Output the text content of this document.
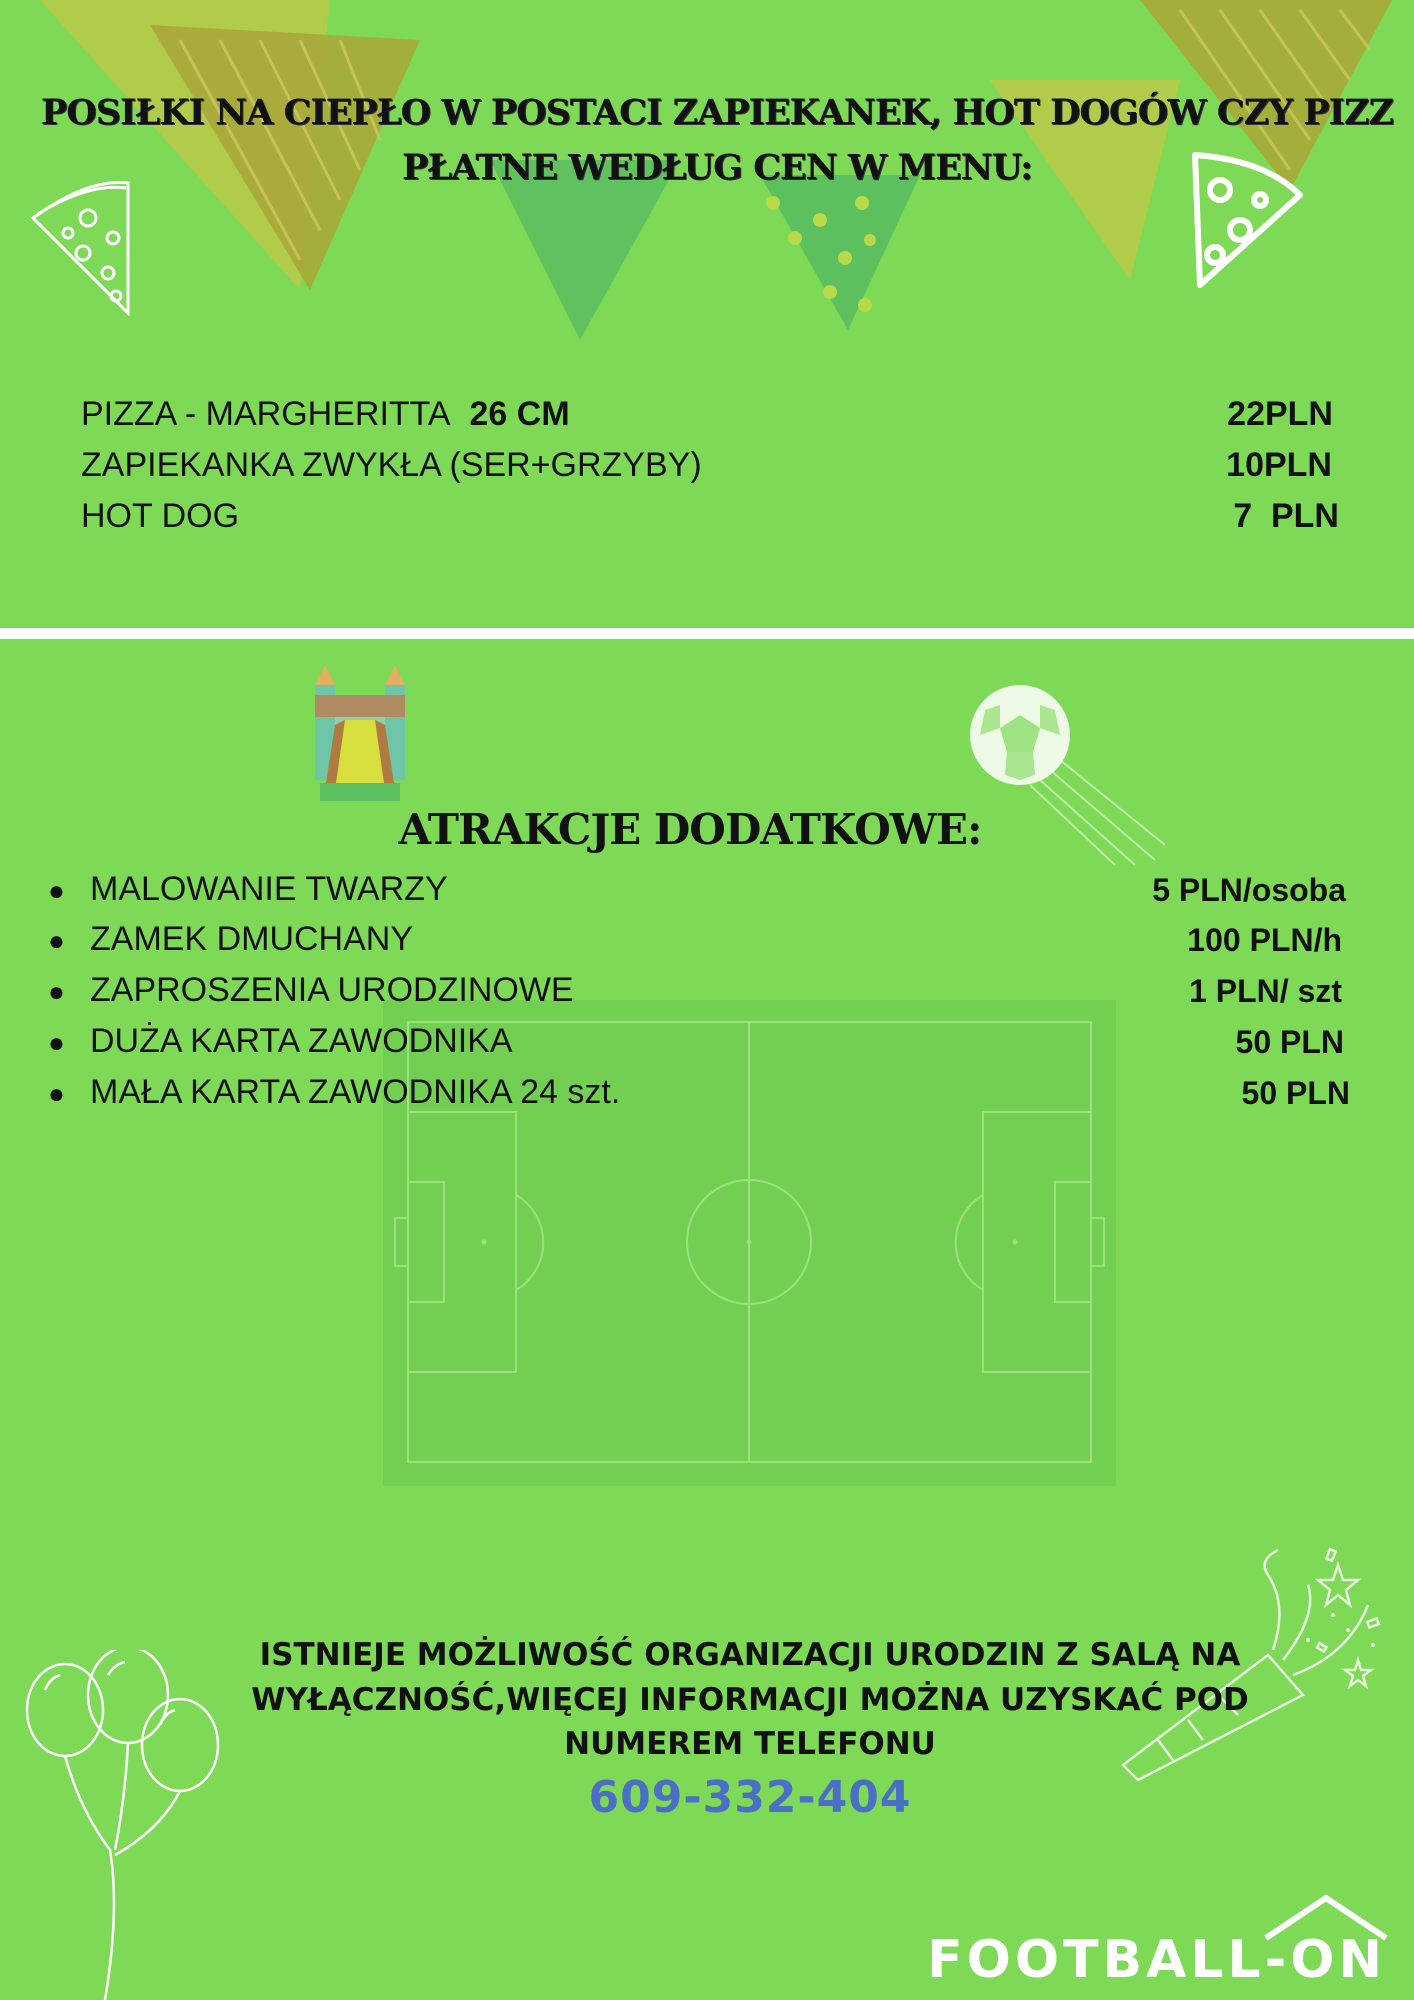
POSIŁKI NA CIEPŁO W POSTACI ZAPIEKANEK, HOT DOGÓW CZY PIZZ
PŁATNE WEDŁUG CEN W MENU:
PIZZA - MARGHERITTA 26 CM	22PLN
ZAPIEKANKA ZWYKŁA (SER+GRZYBY)	10PLN
HOT DOG	7  PLN
ATRAKCJE DODATKOWE:
● MALOWANIE TWARZY	5 PLN/osoba
● ZAMEK DMUCHANY	100 PLN/h
● ZAPROSZENIA URODZINOWE	1 PLN/ szt
● DUŻA KARTA ZAWODNIKA	50 PLN
● MAŁA KARTA ZAWODNIKA 24 szt.	50 PLN
ISTNIEJE MOŻLIWOŚĆ ORGANIZACJI URODZIN Z SALĄ NA
WYŁĄCZNOŚĆ,WIĘCEJ INFORMACJI MOŻNA UZYSKAĆ POD
NUMEREM TELEFONU
609-332-404
FOOTBALL-ON
